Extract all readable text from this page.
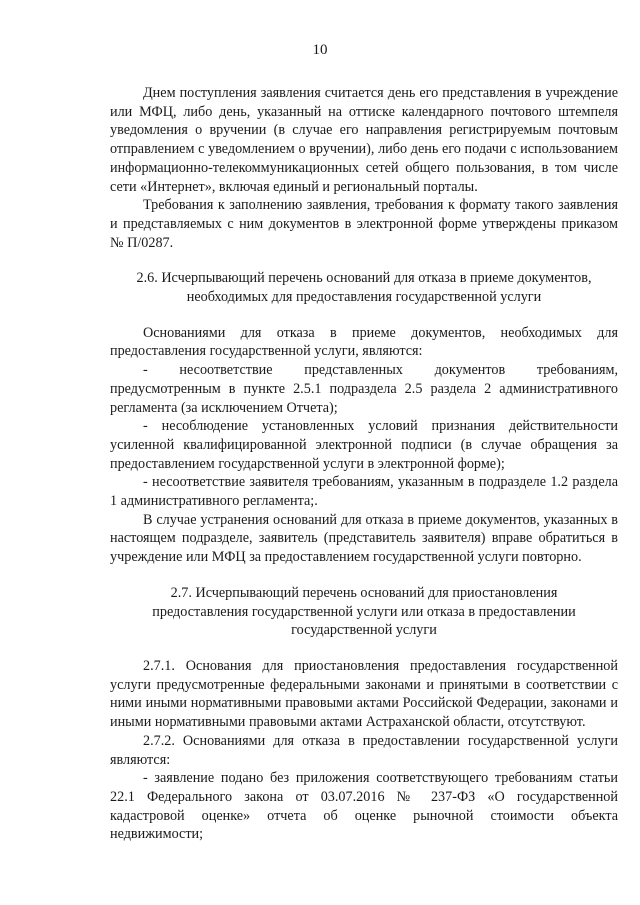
10

Днем поступления заявления считается день его представления в учреждение или МФЦ, либо день, указанный на оттиске календарного почтового штемпеля уведомления о вручении (в случае его направления регистрируемым почтовым отправлением с уведомлением о вручении), либо день его подачи с использованием информационно-телекоммуникационных сетей общего пользования, в том числе сети «Интернет», включая единый и региональный порталы.

Требования к заполнению заявления, требования к формату такого заявления и представляемых с ним документов в электронной форме утверждены приказом № П/0287.

2.6. Исчерпывающий перечень оснований для отказа в приеме документов,
необходимых для предоставления государственной услуги

Основаниями для отказа в приеме документов, необходимых для предоставления государственной услуги, являются:

- несоответствие представленных документов требованиям, предусмотренным в пункте 2.5.1 подраздела 2.5 раздела 2 административного регламента (за исключением Отчета);

- несоблюдение установленных условий признания действительности усиленной квалифицированной электронной подписи (в случае обращения за предоставлением государственной услуги в электронной форме);

- несоответствие заявителя требованиям, указанным в подразделе 1.2 раздела 1 административного регламента;.

В случае устранения оснований для отказа в приеме документов, указанных в настоящем подразделе, заявитель (представитель заявителя) вправе обратиться в учреждение или МФЦ за предоставлением государственной услуги повторно.

2.7. Исчерпывающий перечень оснований для приостановления
предоставления государственной услуги или отказа в предоставлении
государственной услуги

2.7.1. Основания для приостановления предоставления государственной услуги предусмотренные федеральными законами и принятыми в соответствии с ними иными нормативными правовыми актами Российской Федерации, законами и иными нормативными правовыми актами Астраханской области, отсутствуют.

2.7.2. Основаниями для отказа в предоставлении государственной услуги являются:

- заявление подано без приложения соответствующего требованиям статьи 22.1 Федерального закона от 03.07.2016 № 237-ФЗ «О государственной кадастровой оценке» отчета об оценке рыночной стоимости объекта недвижимости;
